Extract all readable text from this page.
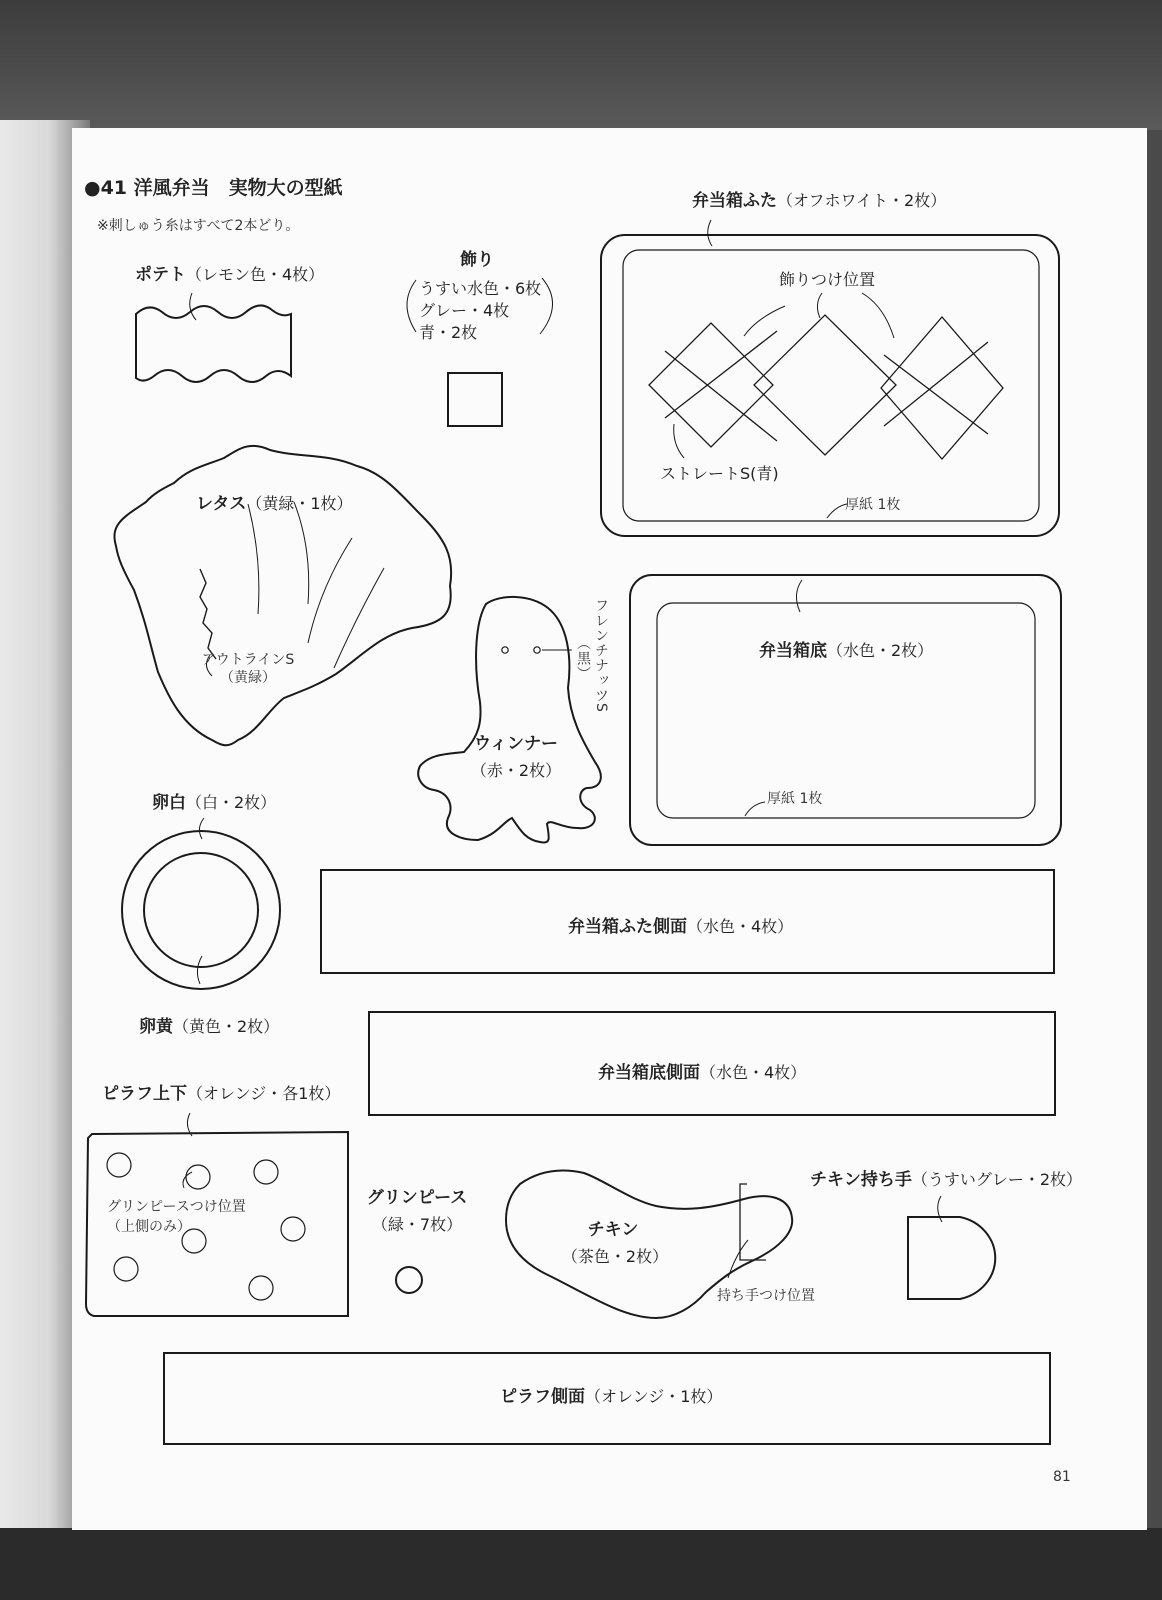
●41 洋風弁当　実物大の型紙
※刺しゅう糸はすべて2本どり。
ポテト（レモン色・4枚）
飾り
うすい水色・6枚
グレー・4枚
青・2枚
弁当箱ふた（オフホワイト・2枚）
飾りつけ位置
ストレートS(青)
厚紙 1枚
レタス（黄緑・1枚）
アウトラインS
（黄緑）
ウィンナー
（赤・2枚）
フレンチナッツS
（黒）	弁当箱底（水色・2枚）
厚紙 1枚
卵白（白・2枚）
卵黄（黄色・2枚）
弁当箱ふた側面（水色・4枚）
弁当箱底側面（水色・4枚）
ピラフ上下（オレンジ・各1枚）
グリンピースつけ位置
（上側のみ）
グリンピース
（緑・7枚）	チキン
（茶色・2枚）
持ち手つけ位置
チキン持ち手（うすいグレー・2枚）
ピラフ側面（オレンジ・1枚）
81
